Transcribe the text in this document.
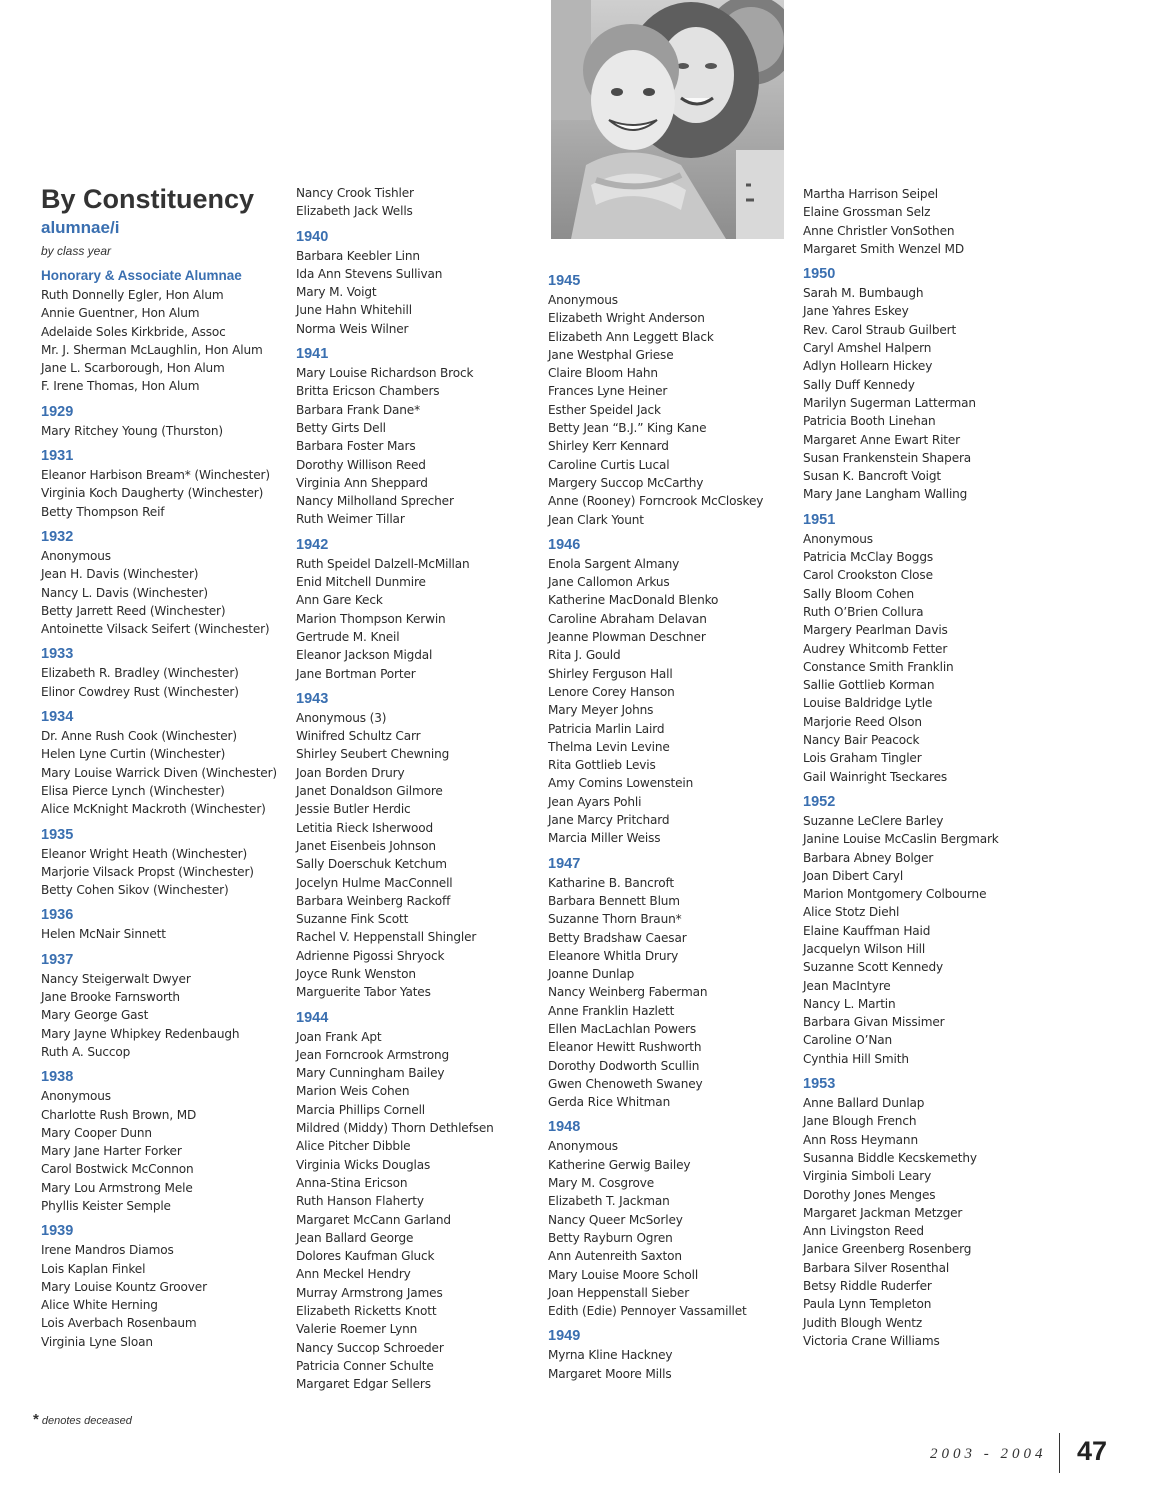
By Constituency
alumnae/i
by class year
Honorary & Associate Alumnae
Ruth Donnelly Egler, Hon Alum
Annie Guentner, Hon Alum
Adelaide Soles Kirkbride, Assoc
Mr. J. Sherman McLaughlin, Hon Alum
Jane L. Scarborough, Hon Alum
F. Irene Thomas, Hon Alum
1929
Mary Ritchey Young (Thurston)
1931
Eleanor Harbison Bream* (Winchester)
Virginia Koch Daugherty (Winchester)
Betty Thompson Reif
1932
Anonymous
Jean H. Davis (Winchester)
Nancy L. Davis (Winchester)
Betty Jarrett Reed (Winchester)
Antoinette Vilsack Seifert (Winchester)
1933
Elizabeth R. Bradley (Winchester)
Elinor Cowdrey Rust (Winchester)
1934
Dr. Anne Rush Cook (Winchester)
Helen Lyne Curtin (Winchester)
Mary Louise Warrick Diven (Winchester)
Elisa Pierce Lynch (Winchester)
Alice McKnight Mackroth (Winchester)
1935
Eleanor Wright Heath (Winchester)
Marjorie Vilsack Propst (Winchester)
Betty Cohen Sikov (Winchester)
1936
Helen McNair Sinnett
1937
Nancy Steigerwalt Dwyer
Jane Brooke Farnsworth
Mary George Gast
Mary Jayne Whipkey Redenbaugh
Ruth A. Succop
1938
Anonymous
Charlotte Rush Brown, MD
Mary Cooper Dunn
Mary Jane Harter Forker
Carol Bostwick McConnon
Mary Lou Armstrong Mele
Phyllis Keister Semple
1939
Irene Mandros Diamos
Lois Kaplan Finkel
Mary Louise Kountz Groover
Alice White Herning
Lois Averbach Rosenbaum
Virginia Lyne Sloan
Nancy Crook Tishler
Elizabeth Jack Wells
1940
Barbara Keebler Linn
Ida Ann Stevens Sullivan
Mary M. Voigt
June Hahn Whitehill
Norma Weis Wilner
1941
Mary Louise Richardson Brock
Britta Ericson Chambers
Barbara Frank Dane*
Betty Girts Dell
Barbara Foster Mars
Dorothy Willison Reed
Virginia Ann Sheppard
Nancy Milholland Sprecher
Ruth Weimer Tillar
1942
Ruth Speidel Dalzell-McMillan
Enid Mitchell Dunmire
Ann Gare Keck
Marion Thompson Kerwin
Gertrude M. Kneil
Eleanor Jackson Migdal
Jane Bortman Porter
1943
Anonymous (3)
Winifred Schultz Carr
Shirley Seubert Chewning
Joan Borden Drury
Janet Donaldson Gilmore
Jessie Butler Herdic
Letitia Rieck Isherwood
Janet Eisenbeis Johnson
Sally Doerschuk Ketchum
Jocelyn Hulme MacConnell
Barbara Weinberg Rackoff
Suzanne Fink Scott
Rachel V. Heppenstall Shingler
Adrienne Pigossi Shryock
Joyce Runk Wenston
Marguerite Tabor Yates
1944
Joan Frank Apt
Jean Forncrook Armstrong
Mary Cunningham Bailey
Marion Weis Cohen
Marcia Phillips Cornell
Mildred (Middy) Thorn Dethlefsen
Alice Pitcher Dibble
Virginia Wicks Douglas
Anna-Stina Ericson
Ruth Hanson Flaherty
Margaret McCann Garland
Jean Ballard George
Dolores Kaufman Gluck
Ann Meckel Hendry
Murray Armstrong James
Elizabeth Ricketts Knott
Valerie Roemer Lynn
Nancy Succop Schroeder
Patricia Conner Schulte
Margaret Edgar Sellers
1945
Anonymous
Elizabeth Wright Anderson
Elizabeth Ann Leggett Black
Jane Westphal Griese
Claire Bloom Hahn
Frances Lyne Heiner
Esther Speidel Jack
Betty Jean “B.J.” King Kane
Shirley Kerr Kennard
Caroline Curtis Lucal
Margery Succop McCarthy
Anne (Rooney) Forncrook McCloskey
Jean Clark Yount
1946
Enola Sargent Almany
Jane Callomon Arkus
Katherine MacDonald Blenko
Caroline Abraham Delavan
Jeanne Plowman Deschner
Rita J. Gould
Shirley Ferguson Hall
Lenore Corey Hanson
Mary Meyer Johns
Patricia Marlin Laird
Thelma Levin Levine
Rita Gottlieb Levis
Amy Comins Lowenstein
Jean Ayars Pohli
Jane Marcy Pritchard
Marcia Miller Weiss
1947
Katharine B. Bancroft
Barbara Bennett Blum
Suzanne Thorn Braun*
Betty Bradshaw Caesar
Eleanore Whitla Drury
Joanne Dunlap
Nancy Weinberg Faberman
Anne Franklin Hazlett
Ellen MacLachlan Powers
Eleanor Hewitt Rushworth
Dorothy Dodworth Scullin
Gwen Chenoweth Swaney
Gerda Rice Whitman
1948
Anonymous
Katherine Gerwig Bailey
Mary M. Cosgrove
Elizabeth T. Jackman
Nancy Queer McSorley
Betty Rayburn Ogren
Ann Autenreith Saxton
Mary Louise Moore Scholl
Joan Heppenstall Sieber
Edith (Edie) Pennoyer Vassamillet
1949
Myrna Kline Hackney
Margaret Moore Mills
Martha Harrison Seipel
Elaine Grossman Selz
Anne Christler VonSothen
Margaret Smith Wenzel MD
1950
Sarah M. Bumbaugh
Jane Yahres Eskey
Rev. Carol Straub Guilbert
Caryl Amshel Halpern
Adlyn Hollearn Hickey
Sally Duff Kennedy
Marilyn Sugerman Latterman
Patricia Booth Linehan
Margaret Anne Ewart Riter
Susan Frankenstein Shapera
Susan K. Bancroft Voigt
Mary Jane Langham Walling
1951
Anonymous
Patricia McClay Boggs
Carol Crookston Close
Sally Bloom Cohen
Ruth O’Brien Collura
Margery Pearlman Davis
Audrey Whitcomb Fetter
Constance Smith Franklin
Sallie Gottlieb Korman
Louise Baldridge Lytle
Marjorie Reed Olson
Nancy Bair Peacock
Lois Graham Tingler
Gail Wainright Tseckares
1952
Suzanne LeClere Barley
Janine Louise McCaslin Bergmark
Barbara Abney Bolger
Joan Dibert Caryl
Marion Montgomery Colbourne
Alice Stotz Diehl
Elaine Kauffman Haid
Jacquelyn Wilson Hill
Suzanne Scott Kennedy
Jean MacIntyre
Nancy L. Martin
Barbara Givan Missimer
Caroline O’Nan
Cynthia Hill Smith
1953
Anne Ballard Dunlap
Jane Blough French
Ann Ross Heymann
Susanna Biddle Kecskemethy
Virginia Simboli Leary
Dorothy Jones Menges
Margaret Jackman Metzger
Ann Livingston Reed
Janice Greenberg Rosenberg
Barbara Silver Rosenthal
Betsy Riddle Ruderfer
Paula Lynn Templeton
Judith Blough Wentz
Victoria Crane Williams
* denotes deceased
2003 - 2004 47
